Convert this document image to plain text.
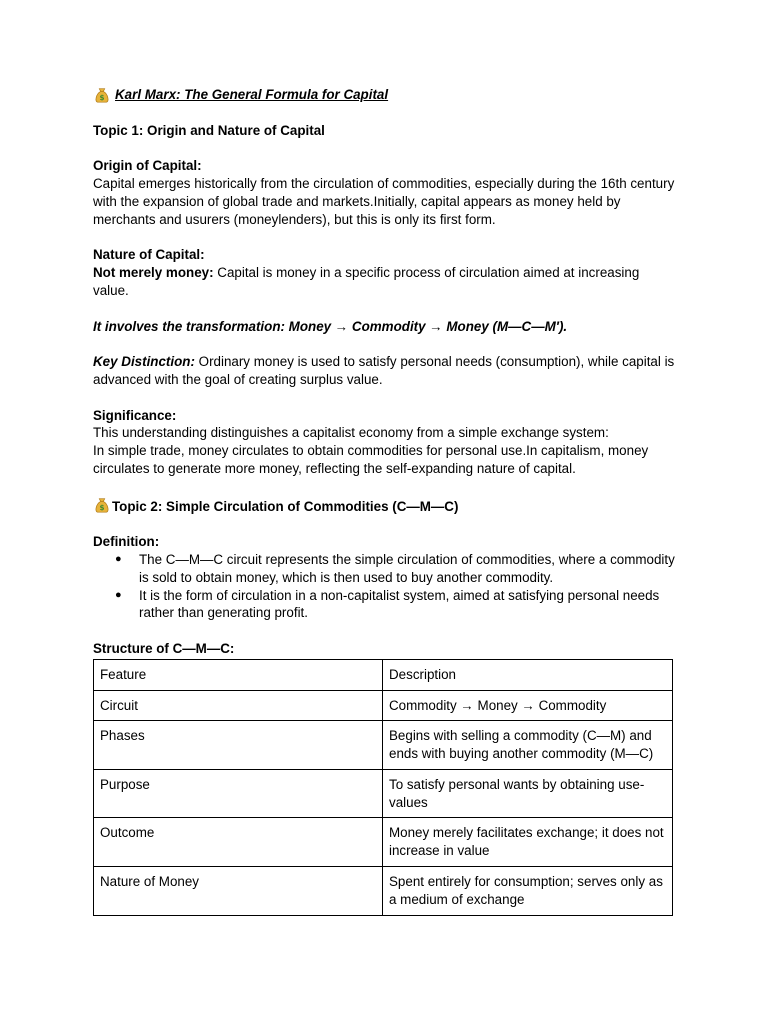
$ Karl Marx: The General Formula for Capital

Topic 1: Origin and Nature of Capital

Origin of Capital:

Capital emerges historically from the circulation of commodities, especially during the 16th century with the expansion of global trade and markets.Initially, capital appears as money held by merchants and usurers (moneylenders), but this is only its first form.

Nature of Capital:

Not merely money: Capital is money in a specific process of circulation aimed at increasing value.

It involves the transformation: Money → Commodity → Money (M—C—M′).

Key Distinction: Ordinary money is used to satisfy personal needs (consumption), while capital is advanced with the goal of creating surplus value.

Significance:

This understanding distinguishes a capitalist economy from a simple exchange system:

In simple trade, money circulates to obtain commodities for personal use.In capitalism, money circulates to generate more money, reflecting the self-expanding nature of capital.

$ Topic 2: Simple Circulation of Commodities (C—M—C)

Definition:

● The C—M—C circuit represents the simple circulation of commodities, where a commodity is sold to obtain money, which is then used to buy another commodity.
● It is the form of circulation in a non-capitalist system, aimed at satisfying personal needs rather than generating profit.

Structure of C—M—C:

Feature	Description
Circuit	Commodity → Money → Commodity
Phases	Begins with selling a commodity (C—M) and ends with buying another commodity (M—C)
Purpose	To satisfy personal wants by obtaining use-values
Outcome	Money merely facilitates exchange; it does not increase in value
Nature of Money	Spent entirely for consumption; serves only as a medium of exchange
